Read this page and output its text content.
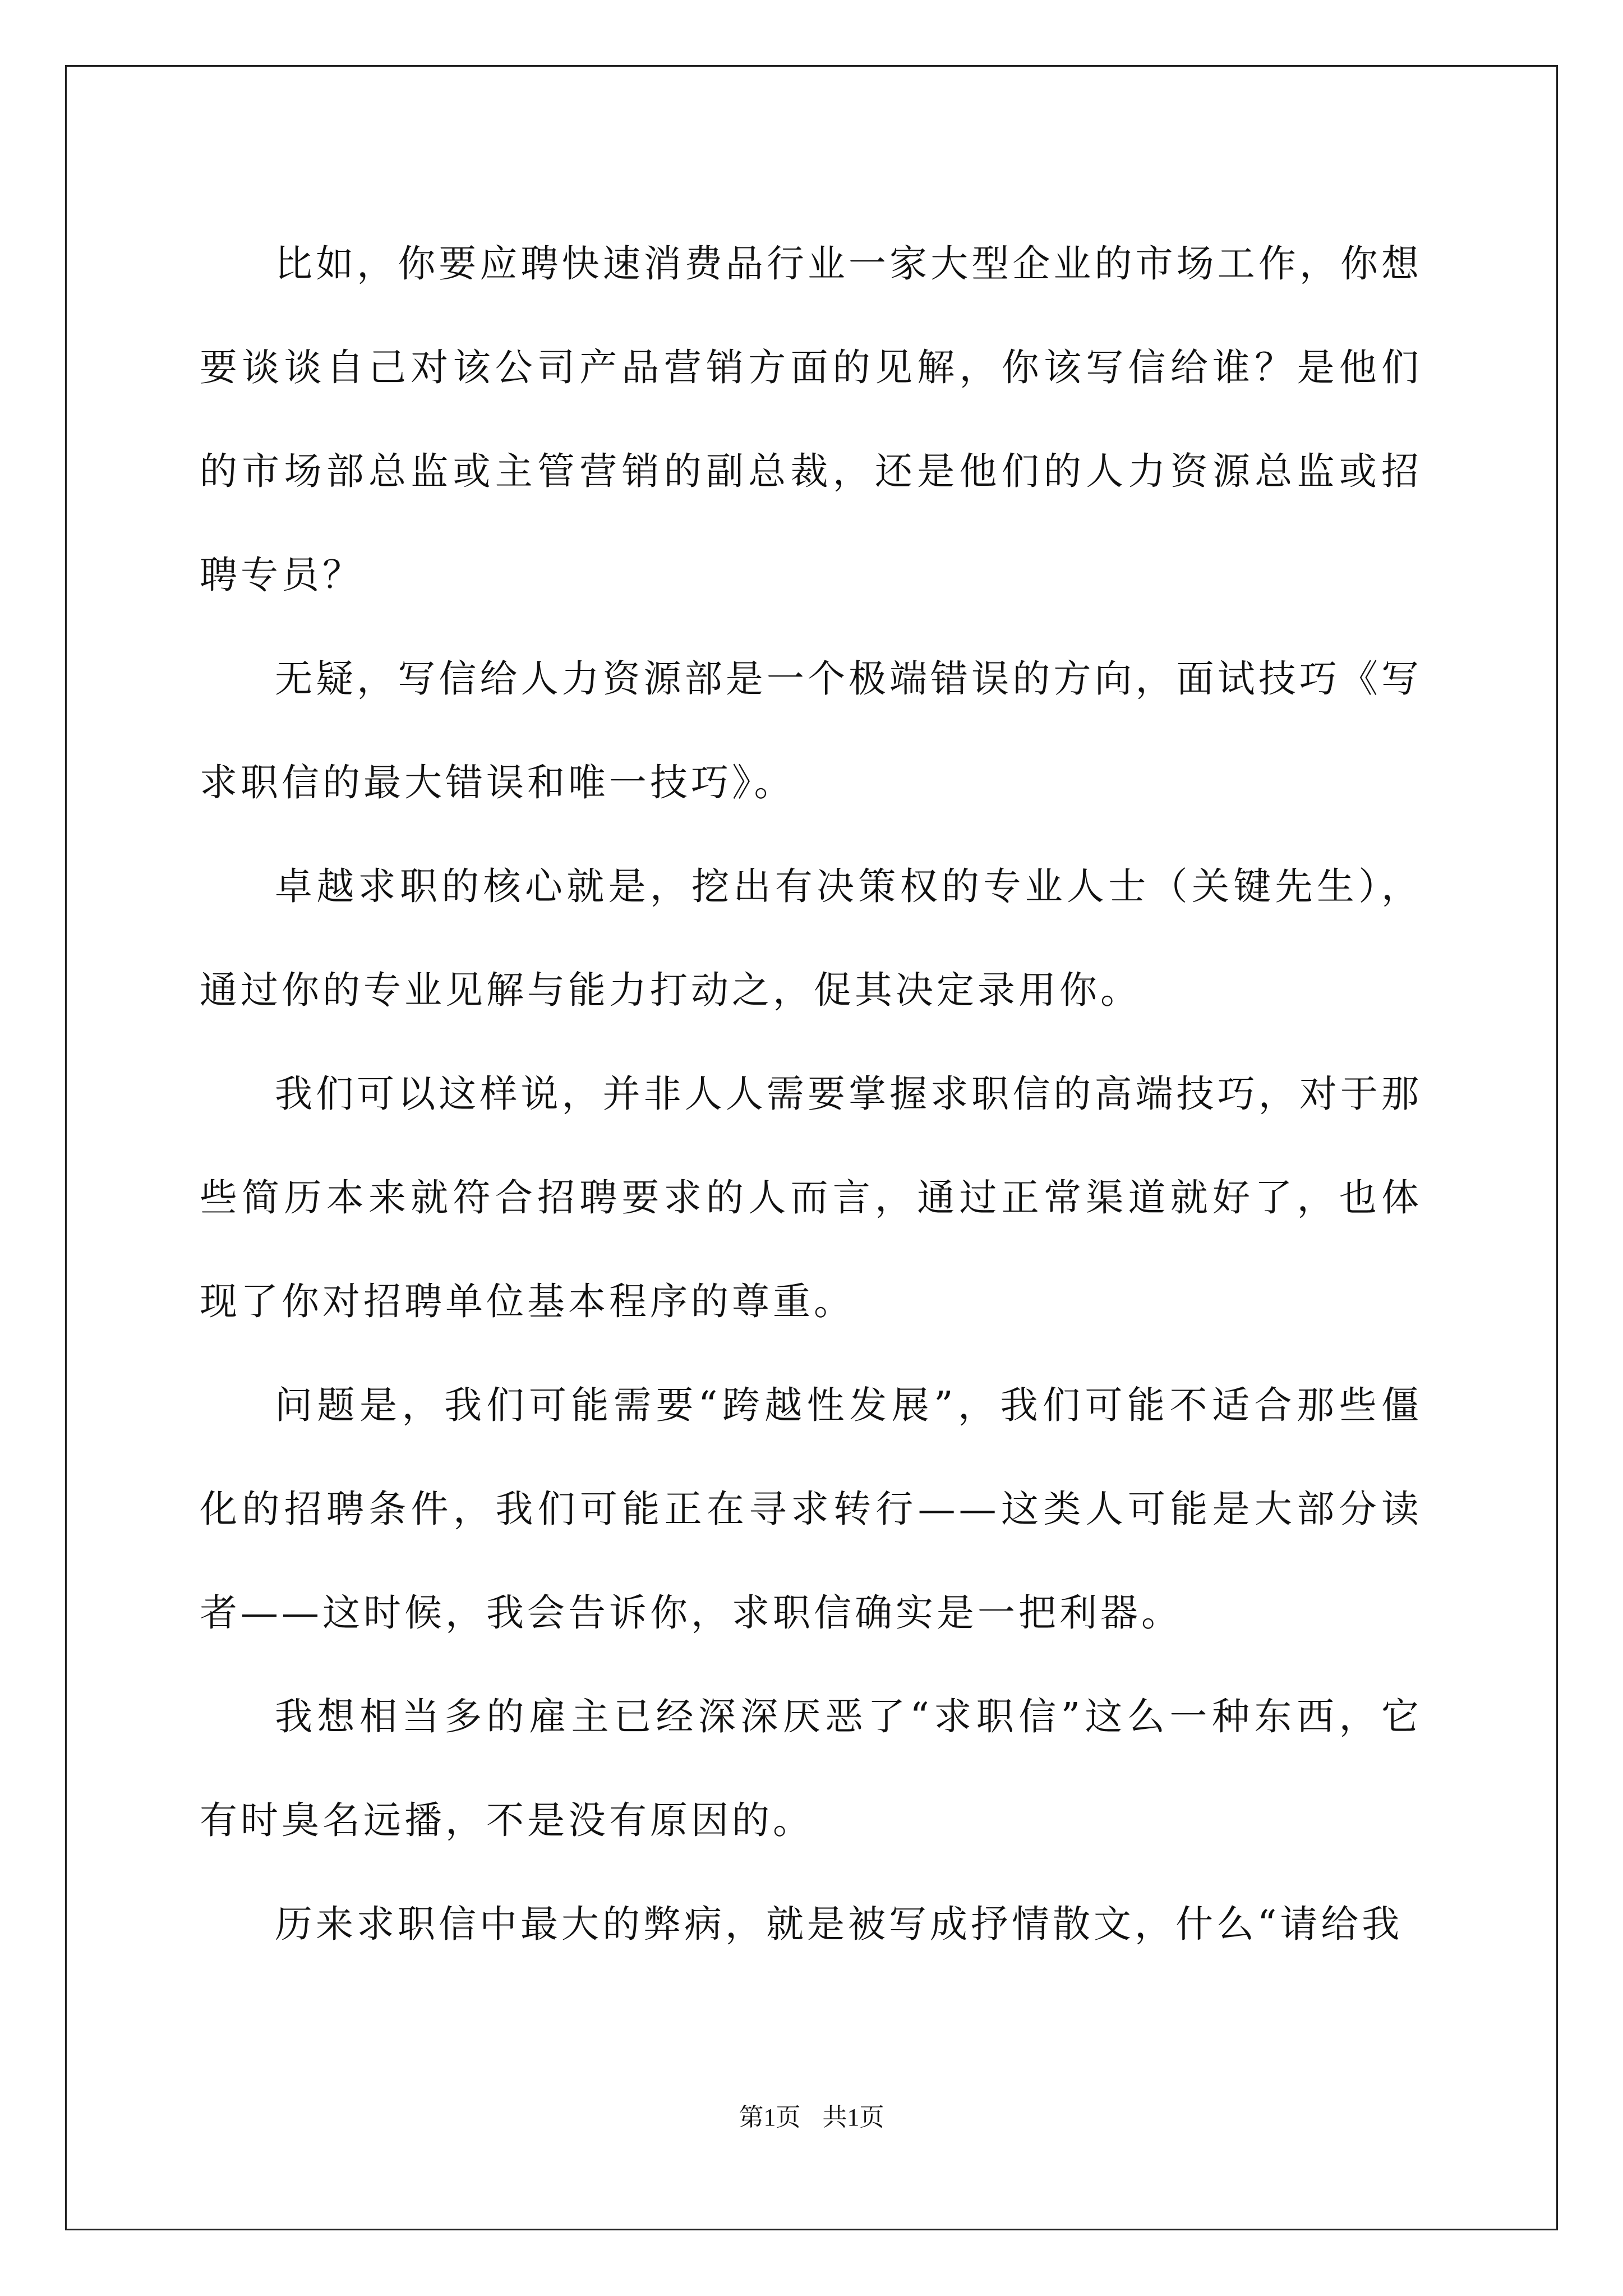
比如，你要应聘快速消费品行业一家大型企业的市场工作，你想要谈谈自己对该公司产品营销方面的见解，你该写信给谁？是他们的市场部总监或主管营销的副总裁，还是他们的人力资源总监或招聘专员？

无疑，写信给人力资源部是一个极端错误的方向，面试技巧《写求职信的最大错误和唯一技巧》。

卓越求职的核心就是，挖出有决策权的专业人士（关键先生），通过你的专业见解与能力打动之，促其决定录用你。

我们可以这样说，并非人人需要掌握求职信的高端技巧，对于那些简历本来就符合招聘要求的人而言，通过正常渠道就好了，也体现了你对招聘单位基本程序的尊重。

问题是，我们可能需要“跨越性发展”，我们可能不适合那些僵化的招聘条件，我们可能正在寻求转行——这类人可能是大部分读者——这时候，我会告诉你，求职信确实是一把利器。

我想相当多的雇主已经深深厌恶了“求职信”这么一种东西，它有时臭名远播，不是没有原因的。

历来求职信中最大的弊病，就是被写成抒情散文，什么“请给我

第1页 共1页
